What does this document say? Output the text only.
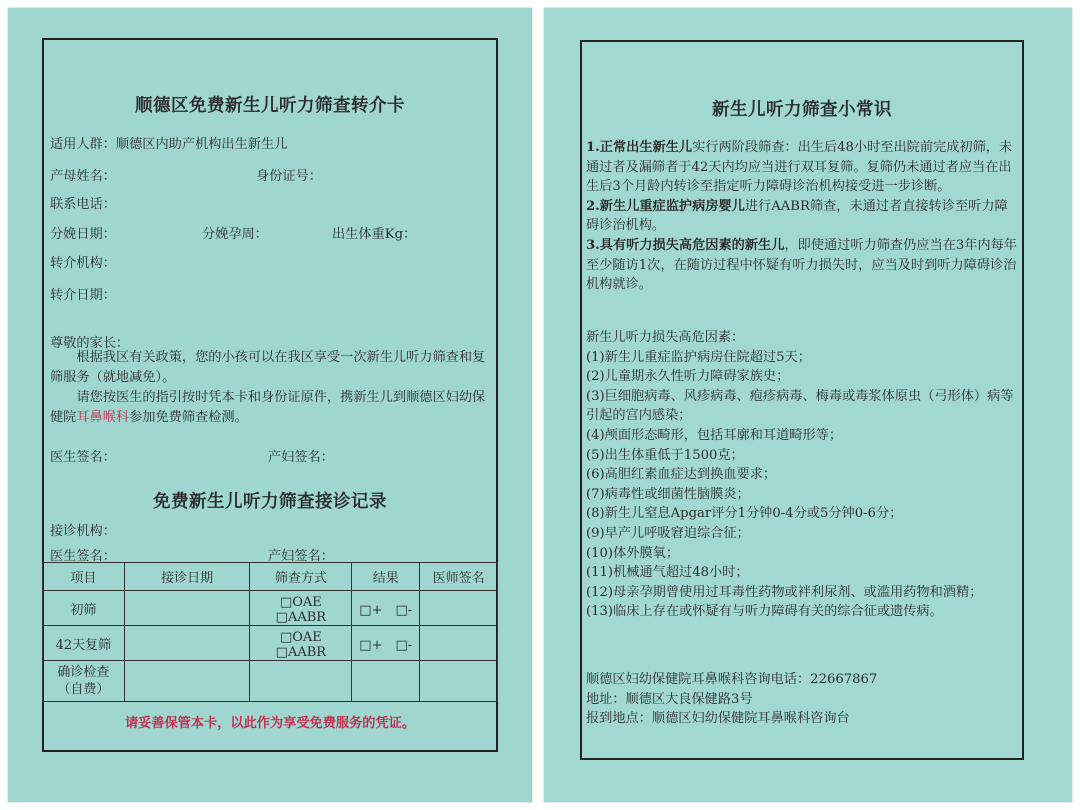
顺德区免费新生儿听力筛查转介卡
适用人群：顺德区内助产机构出生新生儿
产母姓名：	身份证号：
联系电话：
分娩日期：	分娩孕周：	出生体重Kg：
转介机构：
转介日期：
尊敬的家长：
根据我区有关政策，您的小孩可以在我区享受一次新生儿听力筛查和复筛服务（就地减免）。
请您按医生的指引按时凭本卡和身份证原件，携新生儿到顺德区妇幼保健院耳鼻喉科参加免费筛查检测。
医生签名：	产妇签名：
免费新生儿听力筛查接诊记录
接诊机构：
医生签名：	产妇签名：
项目	接诊日期	筛查方式	结果	医师签名
初筛		□OAE　□AABR	□+　□-	
42天复筛		□OAE　□AABR	□+　□-	
确诊检查
（自费）				
请妥善保管本卡，以此作为享受免费服务的凭证。
新生儿听力筛查小常识
1.正常出生新生儿实行两阶段筛查：出生后48小时至出院前完成初筛，未通过者及漏筛者于42天内均应当进行双耳复筛。复筛仍未通过者应当在出生后3个月龄内转诊至指定听力障碍诊治机构接受进一步诊断。
2.新生儿重症监护病房婴儿进行AABR筛查，未通过者直接转诊至听力障碍诊治机构。
3.具有听力损失高危因素的新生儿，即使通过听力筛查仍应当在3年内每年至少随访1次，在随访过程中怀疑有听力损失时，应当及时到听力障碍诊治机构就诊。
新生儿听力损失高危因素：
(1)新生儿重症监护病房住院超过5天；
(2)儿童期永久性听力障碍家族史；
(3)巨细胞病毒、风疹病毒、疱疹病毒、梅毒或毒浆体原虫（弓形体）病等引起的宫内感染；
(4)颅面形态畸形，包括耳廓和耳道畸形等；
(5)出生体重低于1500克；
(6)高胆红素血症达到换血要求；
(7)病毒性或细菌性脑膜炎；
(8)新生儿窒息Apgar评分1分钟0-4分或5分钟0-6分；
(9)早产儿呼吸窘迫综合征；
(10)体外膜氧；
(11)机械通气超过48小时；
(12)母亲孕期曾使用过耳毒性药物或袢利尿剂、或滥用药物和酒精；
(13)临床上存在或怀疑有与听力障碍有关的综合征或遗传病。
顺德区妇幼保健院耳鼻喉科咨询电话：22667867
地址：顺德区大良保健路3号
报到地点：顺德区妇幼保健院耳鼻喉科咨询台
